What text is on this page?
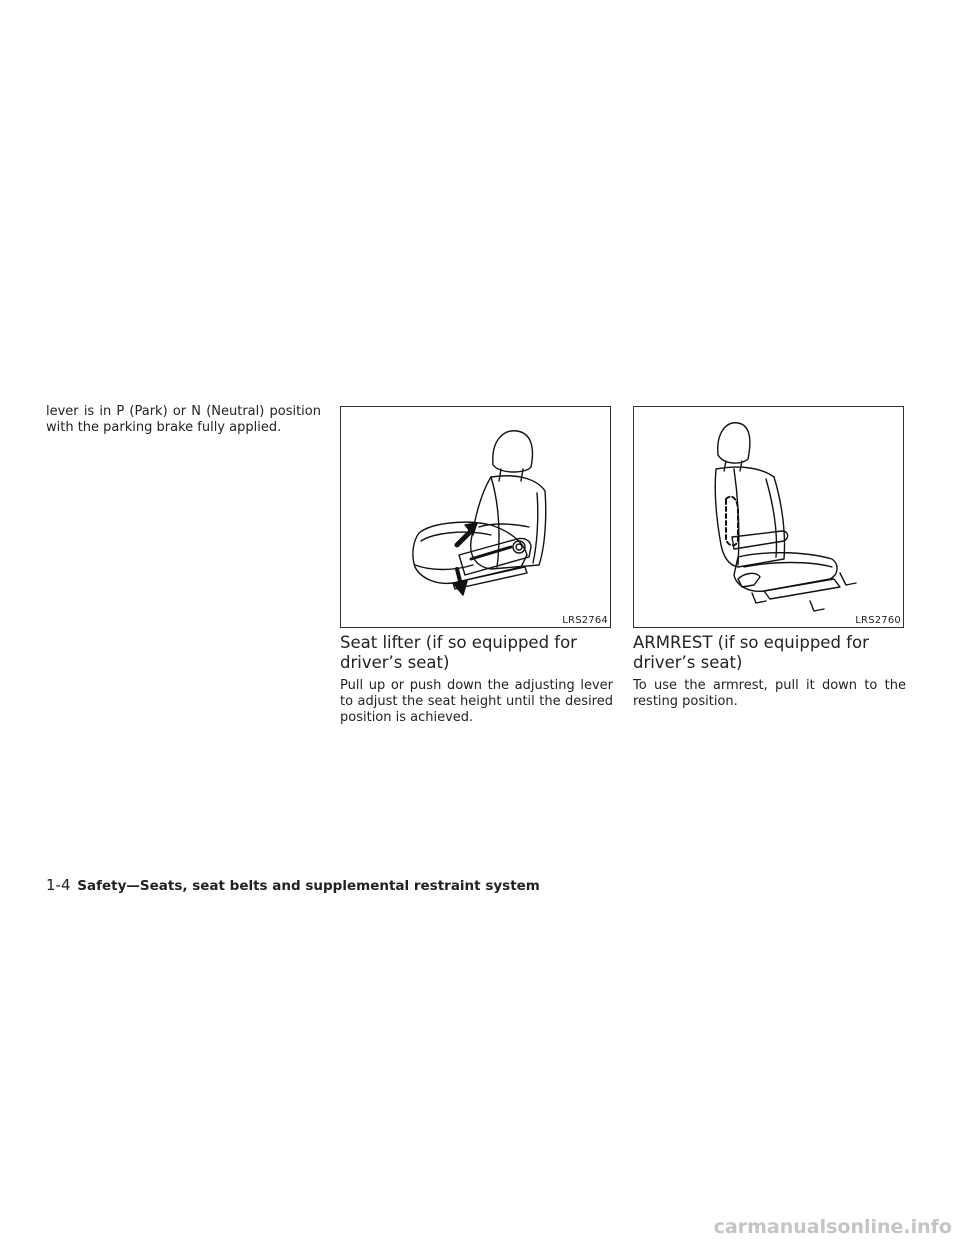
lever is in P (Park) or N (Neutral) position with the parking brake fully applied.

LRS2764	LRS2760
Seat lifter (if so equipped for driver’s seat)

Pull up or push down the adjusting lever to adjust the seat height until the desired position is achieved.

ARMREST (if so equipped for driver’s seat)

To use the armrest, pull it down to the resting position.

1-4 Safety—Seats, seat belts and supplemental restraint system
carmanualsonline.info
